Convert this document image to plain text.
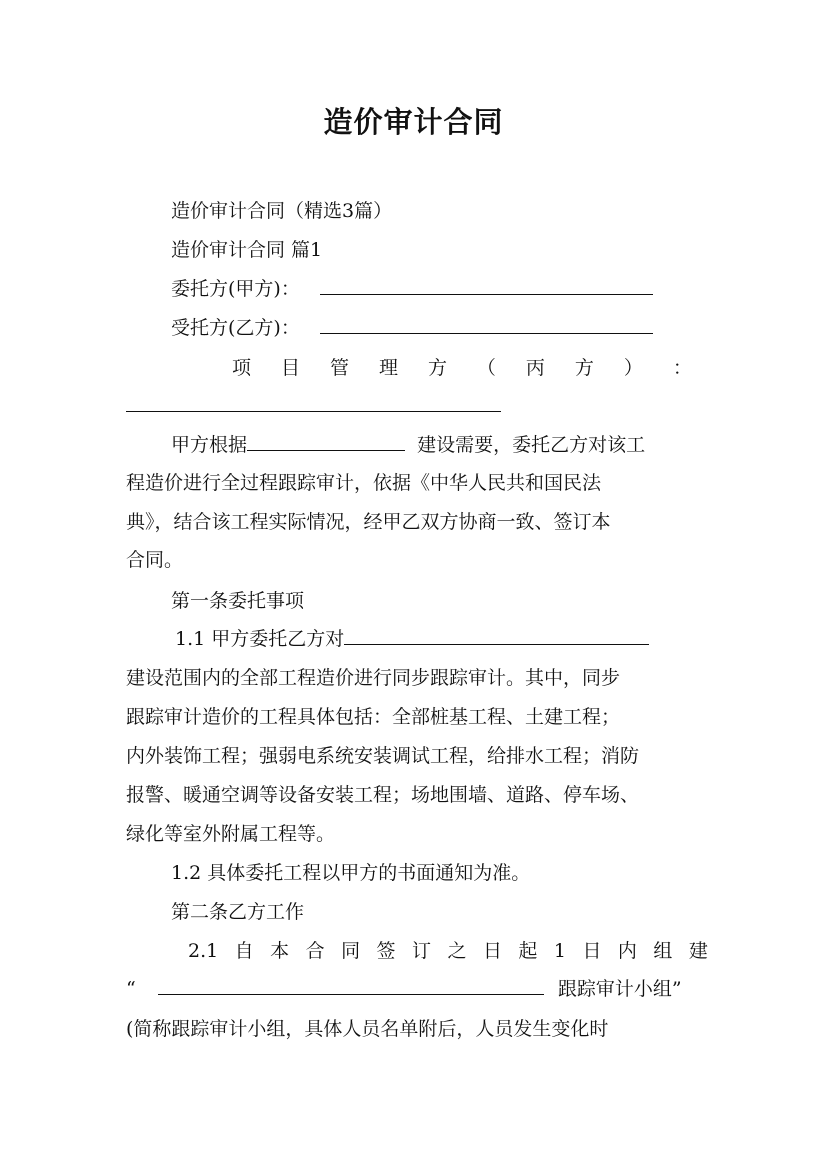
造价审计合同
造价审计合同（精选3篇）
造价审计合同 篇1
委托方(甲方)：
受托方(乙方)：
项 目 管 理 方 （ 丙 方 ） ：
甲方根据	建设需要，委托乙方对该工
程造价进行全过程跟踪审计，依据《中华人民共和国民法
典》，结合该工程实际情况，经甲乙双方协商一致、签订本
合同。
第一条委托事项
1.1 甲方委托乙方对
建设范围内的全部工程造价进行同步跟踪审计。其中，同步
跟踪审计造价的工程具体包括：全部桩基工程、土建工程；
内外装饰工程；强弱电系统安装调试工程，给排水工程；消防
报警、暖通空调等设备安装工程；场地围墙、道路、停车场、
绿化等室外附属工程等。
1.2 具体委托工程以甲方的书面通知为准。
第二条乙方工作
2.1 自 本 合 同 签 订 之 日 起 1 日 内 组 建
“	跟踪审计小组”
(简称跟踪审计小组，具体人员名单附后，人员发生变化时
